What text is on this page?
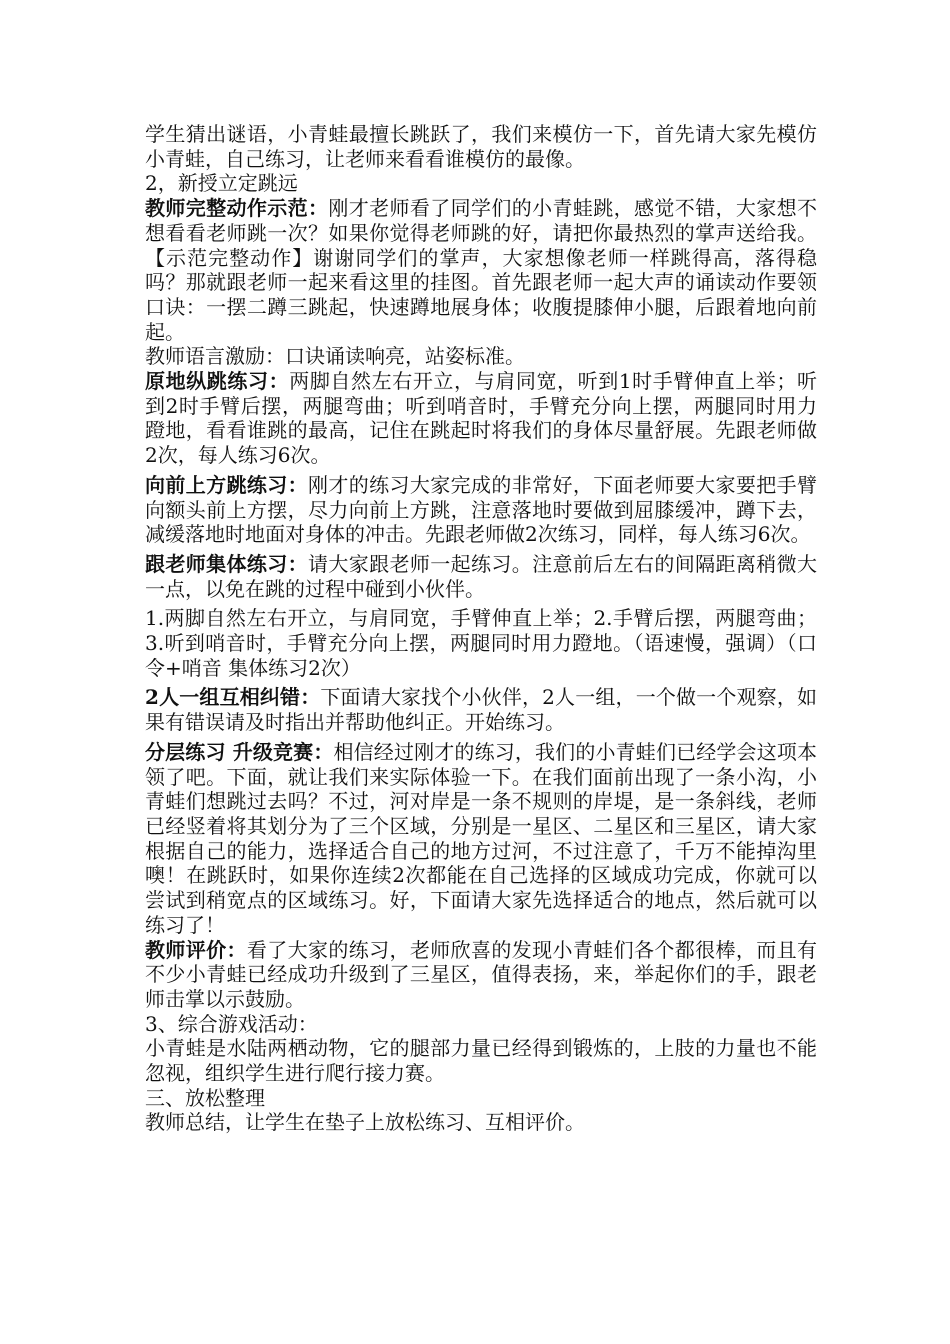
学生猜出谜语，小青蛙最擅长跳跃了，我们来模仿一下，首先请大家先模仿小青蛙，自己练习，让老师来看看谁模仿的最像。

2，新授立定跳远

教师完整动作示范：刚才老师看了同学们的小青蛙跳，感觉不错，大家想不想看看老师跳一次？如果你觉得老师跳的好，请把你最热烈的掌声送给我。【示范完整动作】谢谢同学们的掌声，大家想像老师一样跳得高，落得稳吗？那就跟老师一起来看这里的挂图。首先跟老师一起大声的诵读动作要领口诀：一摆二蹲三跳起，快速蹲地展身体；收腹提膝伸小腿，后跟着地向前起。

教师语言激励：口诀诵读响亮，站姿标准。

原地纵跳练习：两脚自然左右开立，与肩同宽，听到1时手臂伸直上举；听到2时手臂后摆，两腿弯曲；听到哨音时，手臂充分向上摆，两腿同时用力蹬地，看看谁跳的最高，记住在跳起时将我们的身体尽量舒展。先跟老师做2次，每人练习6次。

向前上方跳练习：刚才的练习大家完成的非常好，下面老师要大家要把手臂向额头前上方摆，尽力向前上方跳，注意落地时要做到屈膝缓冲，蹲下去，减缓落地时地面对身体的冲击。先跟老师做2次练习，同样，每人练习6次。

跟老师集体练习：请大家跟老师一起练习。注意前后左右的间隔距离稍微大一点，以免在跳的过程中碰到小伙伴。

1.两脚自然左右开立，与肩同宽，手臂伸直上举；2.手臂后摆，两腿弯曲；3.听到哨音时，手臂充分向上摆，两腿同时用力蹬地。（语速慢，强调）（口令+哨音 集体练习2次）

2人一组互相纠错：下面请大家找个小伙伴，2人一组，一个做一个观察，如果有错误请及时指出并帮助他纠正。开始练习。

分层练习 升级竞赛：相信经过刚才的练习，我们的小青蛙们已经学会这项本领了吧。下面，就让我们来实际体验一下。在我们面前出现了一条小沟，小青蛙们想跳过去吗？不过，河对岸是一条不规则的岸堤，是一条斜线，老师已经竖着将其划分为了三个区域，分别是一星区、二星区和三星区，请大家根据自己的能力，选择适合自己的地方过河，不过注意了，千万不能掉沟里噢！在跳跃时，如果你连续2次都能在自己选择的区域成功完成，你就可以尝试到稍宽点的区域练习。好，下面请大家先选择适合的地点，然后就可以练习了！

教师评价：看了大家的练习，老师欣喜的发现小青蛙们各个都很棒，而且有不少小青蛙已经成功升级到了三星区，值得表扬，来，举起你们的手，跟老师击掌以示鼓励。

3、综合游戏活动：

小青蛙是水陆两栖动物，它的腿部力量已经得到锻炼的，上肢的力量也不能忽视，组织学生进行爬行接力赛。

三、放松整理

教师总结，让学生在垫子上放松练习、互相评价。
